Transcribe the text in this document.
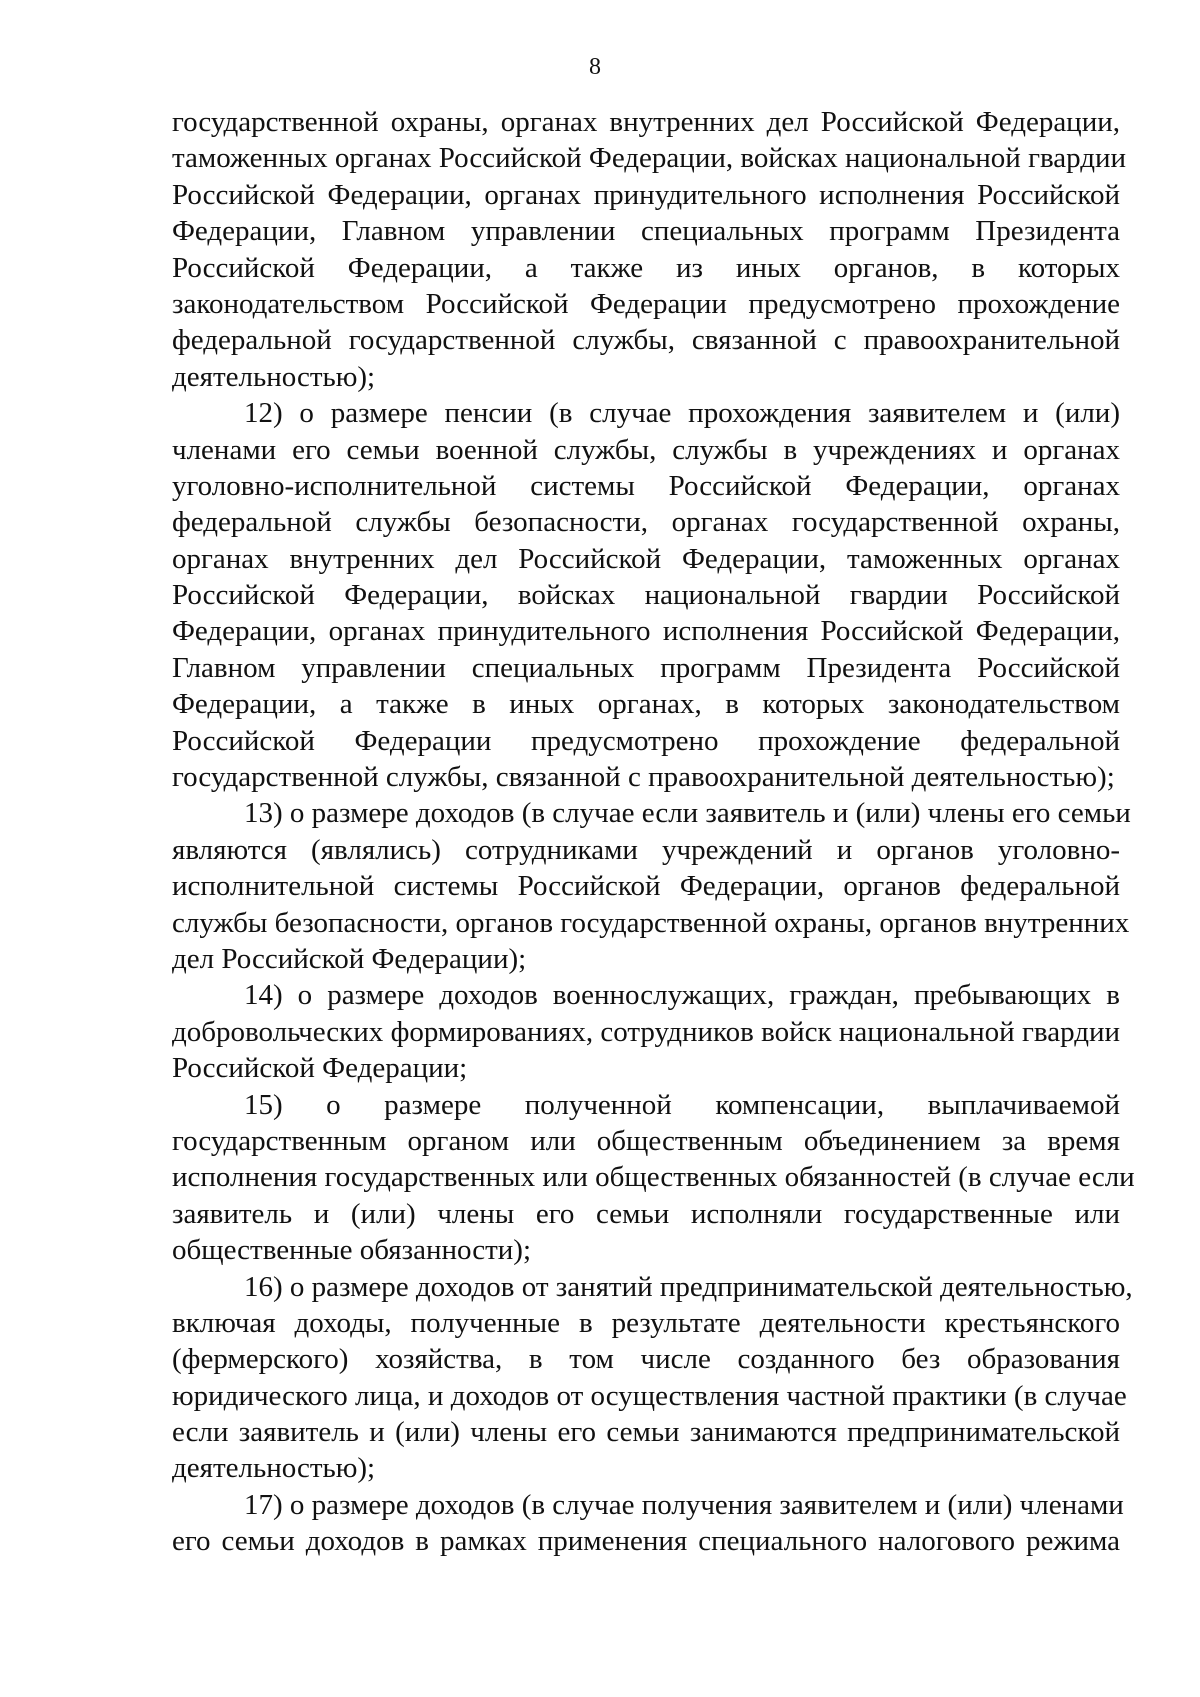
8
государственной охраны, органах внутренних дел Российской Федерации,
таможенных органах Российской Федерации, войсках национальной гвардии
Российской Федерации, органах принудительного исполнения Российской
Федерации, Главном управлении специальных программ Президента
Российской Федерации, а также из иных органов, в которых
законодательством Российской Федерации предусмотрено прохождение
федеральной государственной службы, связанной с правоохранительной
деятельностью);
12) о размере пенсии (в случае прохождения заявителем и (или)
членами его семьи военной службы, службы в учреждениях и органах
уголовно-исполнительной системы Российской Федерации, органах
федеральной службы безопасности, органах государственной охраны,
органах внутренних дел Российской Федерации, таможенных органах
Российской Федерации, войсках национальной гвардии Российской
Федерации, органах принудительного исполнения Российской Федерации,
Главном управлении специальных программ Президента Российской
Федерации, а также в иных органах, в которых законодательством
Российской Федерации предусмотрено прохождение федеральной
государственной службы, связанной с правоохранительной деятельностью);
13) о размере доходов (в случае если заявитель и (или) члены его семьи
являются (являлись) сотрудниками учреждений и органов уголовно-
исполнительной системы Российской Федерации, органов федеральной
службы безопасности, органов государственной охраны, органов внутренних
дел Российской Федерации);
14) о размере доходов военнослужащих, граждан, пребывающих в
добровольческих формированиях, сотрудников войск национальной гвардии
Российской Федерации;
15) о размере полученной компенсации, выплачиваемой
государственным органом или общественным объединением за время
исполнения государственных или общественных обязанностей (в случае если
заявитель и (или) члены его семьи исполняли государственные или
общественные обязанности);
16) о размере доходов от занятий предпринимательской деятельностью,
включая доходы, полученные в результате деятельности крестьянского
(фермерского) хозяйства, в том числе созданного без образования
юридического лица, и доходов от осуществления частной практики (в случае
если заявитель и (или) члены его семьи занимаются предпринимательской
деятельностью);
17) о размере доходов (в случае получения заявителем и (или) членами
его семьи доходов в рамках применения специального налогового режима
